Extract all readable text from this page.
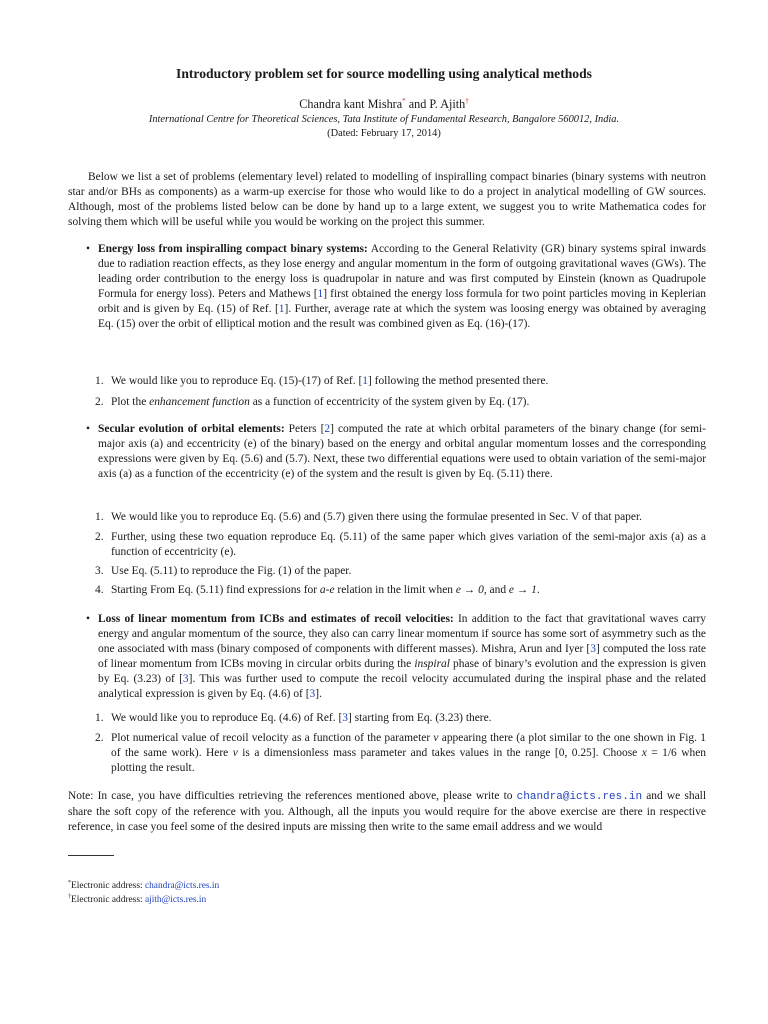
Introductory problem set for source modelling using analytical methods
Chandra kant Mishra* and P. Ajith†
International Centre for Theoretical Sciences, Tata Institute of Fundamental Research, Bangalore 560012, India.
(Dated: February 17, 2014)
Below we list a set of problems (elementary level) related to modelling of inspiralling compact binaries (binary systems with neutron star and/or BHs as components) as a warm-up exercise for those who would like to do a project in analytical modelling of GW sources. Although, most of the problems listed below can be done by hand up to a large extent, we suggest you to write Mathematica codes for solving them which will be useful while you would be working on the project this summer.
• Energy loss from inspiralling compact binary systems: According to the General Relativity (GR) binary systems spiral inwards due to radiation reaction effects, as they lose energy and angular momentum in the form of outgoing gravitational waves (GWs). The leading order contribution to the energy loss is quadrupolar in nature and was first computed by Einstein (known as Quadrupole Formula for energy loss). Peters and Mathews [1] first obtained the energy loss formula for two point particles moving in Keplerian orbit and is given by Eq. (15) of Ref. [1]. Further, average rate at which the system was loosing energy was obtained by averaging Eq. (15) over the orbit of elliptical motion and the result was combined given as Eq. (16)-(17).
1. We would like you to reproduce Eq. (15)-(17) of Ref. [1] following the method presented there.
2. Plot the enhancement function as a function of eccentricity of the system given by Eq. (17).
• Secular evolution of orbital elements: Peters [2] computed the rate at which orbital parameters of the binary change (for semi-major axis (a) and eccentricity (e) of the binary) based on the energy and orbital angular momentum losses and the corresponding expressions were given by Eq. (5.6) and (5.7). Next, these two differential equations were used to obtain variation of the semi-major axis (a) as a function of the eccentricity (e) of the system and the result is given by Eq. (5.11) there.
1. We would like you to reproduce Eq. (5.6) and (5.7) given there using the formulae presented in Sec. V of that paper.
2. Further, using these two equation reproduce Eq. (5.11) of the same paper which gives variation of the semi-major axis (a) as a function of eccentricity (e).
3. Use Eq. (5.11) to reproduce the Fig. (1) of the paper.
4. Starting From Eq. (5.11) find expressions for a-e relation in the limit when e → 0, and e → 1.
• Loss of linear momentum from ICBs and estimates of recoil velocities: In addition to the fact that gravitational waves carry energy and angular momentum of the source, they also can carry linear momentum if source has some sort of asymmetry such as the one associated with mass (binary composed of components with different masses). Mishra, Arun and Iyer [3] computed the loss rate of linear momentum from ICBs moving in circular orbits during the inspiral phase of binary’s evolution and the expression is given by Eq. (3.23) of [3]. This was further used to compute the recoil velocity accumulated during the inspiral phase and the related analytical expression is given by Eq. (4.6) of [3].
1. We would like you to reproduce Eq. (4.6) of Ref. [3] starting from Eq. (3.23) there.
2. Plot numerical value of recoil velocity as a function of the parameter ν appearing there (a plot similar to the one shown in Fig. 1 of the same work). Here ν is a dimensionless mass parameter and takes values in the range [0, 0.25]. Choose x = 1/6 when plotting the result.
Note: In case, you have difficulties retrieving the references mentioned above, please write to chandra@icts.res.in and we shall share the soft copy of the reference with you. Although, all the inputs you would require for the above exercise are there in respective reference, in case you feel some of the desired inputs are missing then write to the same email address and we would
*Electronic address: chandra@icts.res.in
†Electronic address: ajith@icts.res.in
